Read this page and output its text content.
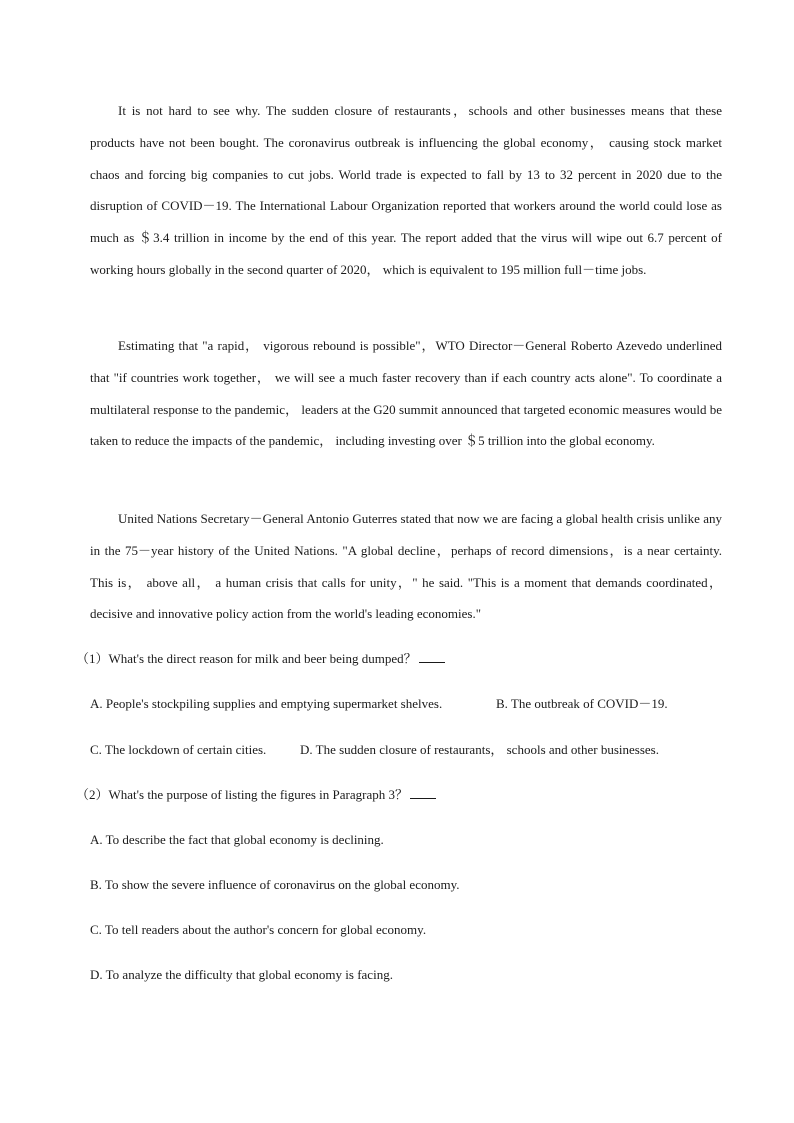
It is not hard to see why. The sudden closure of restaurants，schools and other businesses means that these products have not been bought. The coronavirus outbreak is influencing the global economy， causing stock market chaos and forcing big companies to cut jobs. World trade is expected to fall by 13 to 32 percent in 2020 due to the disruption of COVID－19. The International Labour Organization reported that workers around the world could lose as much as ＄3.4 trillion in income by the end of this year. The report added that the virus will wipe out 6.7 percent of working hours globally in the second quarter of 2020， which is equivalent to 195 million full－time jobs.

Estimating that "a rapid， vigorous rebound is possible"，WTO Director－General Roberto Azevedo underlined that "if countries work together， we will see a much faster recovery than if each country acts alone". To coordinate a multilateral response to the pandemic， leaders at the G20 summit announced that targeted economic measures would be taken to reduce the impacts of the pandemic， including investing over ＄5 trillion into the global economy.

United Nations Secretary－General Antonio Guterres stated that now we are facing a global health crisis unlike any in the 75－year history of the United Nations. "A global decline，perhaps of record dimensions，is a near certainty. This is， above all， a human crisis that calls for unity，" he said. "This is a moment that demands coordinated，decisive and innovative policy action from the world's leading economies."

（1）What's the direct reason for milk and beer being dumped？
A. People's stockpiling supplies and emptying supermarket shelves.	B. The outbreak of COVID－19.
C. The lockdown of certain cities.	D. The sudden closure of restaurants， schools and other businesses.
（2）What's the purpose of listing the figures in Paragraph 3？
A. To describe the fact that global economy is declining.
B. To show the severe influence of coronavirus on the global economy.
C. To tell readers about the author's concern for global economy.
D. To analyze the difficulty that global economy is facing.
